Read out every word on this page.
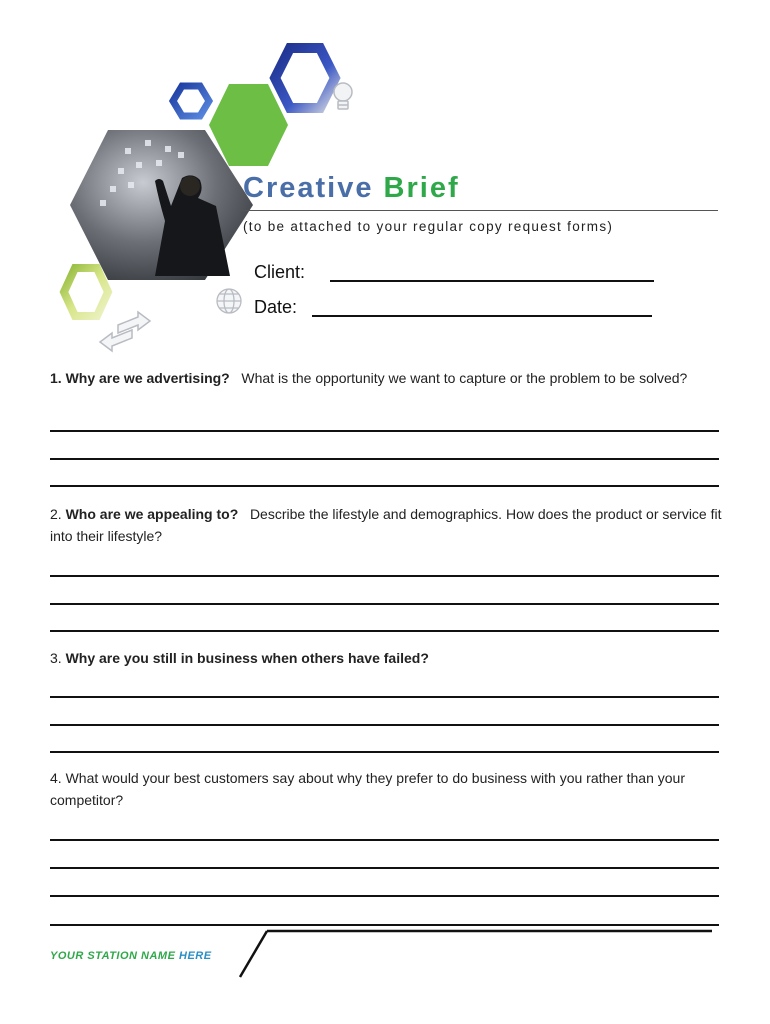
Creative Brief
(to be attached to your regular copy request forms)
Client:
Date:
1. Why are we advertising? What is the opportunity we want to capture or the problem to be solved?
2. Who are we appealing to? Describe the lifestyle and demographics. How does the product or service fit into their lifestyle?
3. Why are you still in business when others have failed?
4. What would your best customers say about why they prefer to do business with you rather than your competitor?
YOUR STATION NAME HERE
